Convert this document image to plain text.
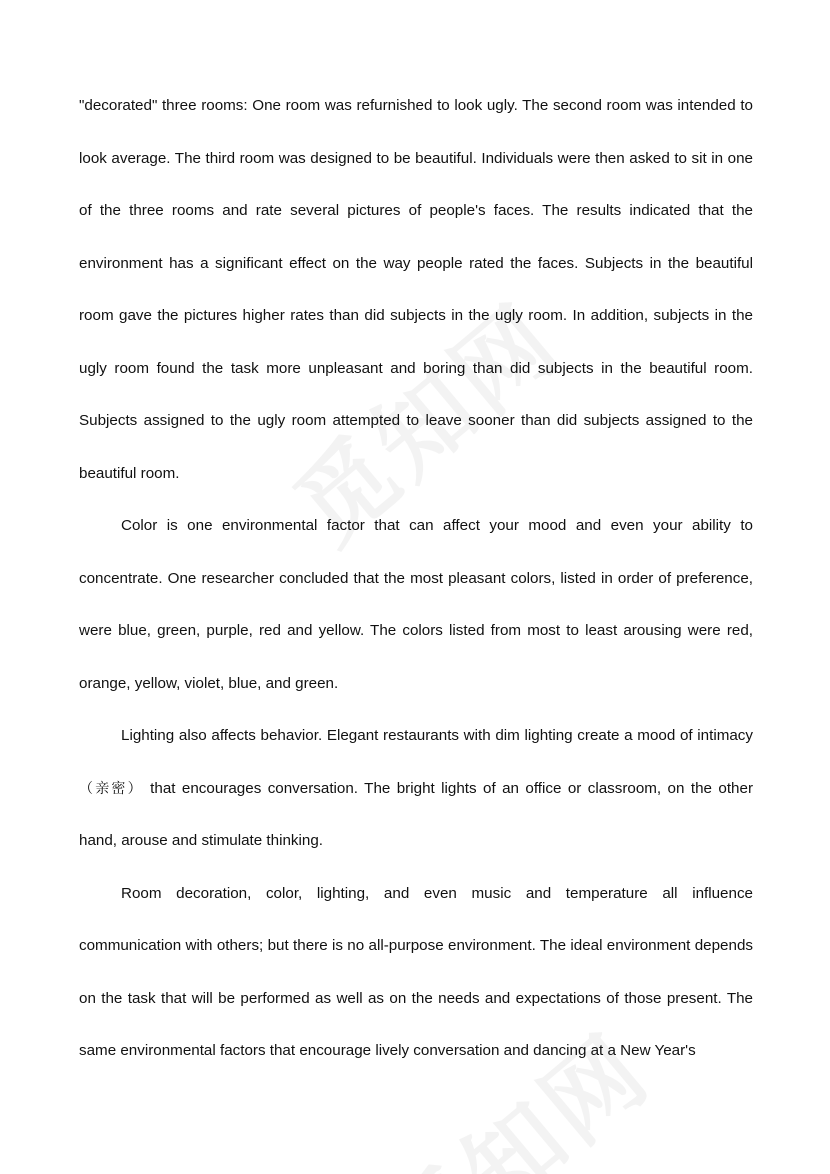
"decorated" three rooms: One room was refurnished to look ugly. The second room was intended to look average. The third room was designed to be beautiful. Individuals were then asked to sit in one of the three rooms and rate several pictures of people's faces. The results indicated that the environment has a significant effect on the way people rated the faces. Subjects in the beautiful room gave the pictures higher rates than did subjects in the ugly room. In addition, subjects in the ugly room found the task more unpleasant and boring than did subjects in the beautiful room. Subjects assigned to the ugly room attempted to leave sooner than did subjects assigned to the beautiful room.

Color is one environmental factor that can affect your mood and even your ability to concentrate. One researcher concluded that the most pleasant colors, listed in order of preference, were blue, green, purple, red and yellow. The colors listed from most to least arousing were red, orange, yellow, violet, blue, and green.

Lighting also affects behavior. Elegant restaurants with dim lighting create a mood of intimacy（亲密） that encourages conversation. The bright lights of an office or classroom, on the other hand, arouse and stimulate thinking.

Room decoration, color, lighting, and even music and temperature all influence communication with others; but there is no all-purpose environment. The ideal environment depends on the task that will be performed as well as on the needs and expectations of those present. The same environmental factors that encourage lively conversation and dancing at a New Year's
